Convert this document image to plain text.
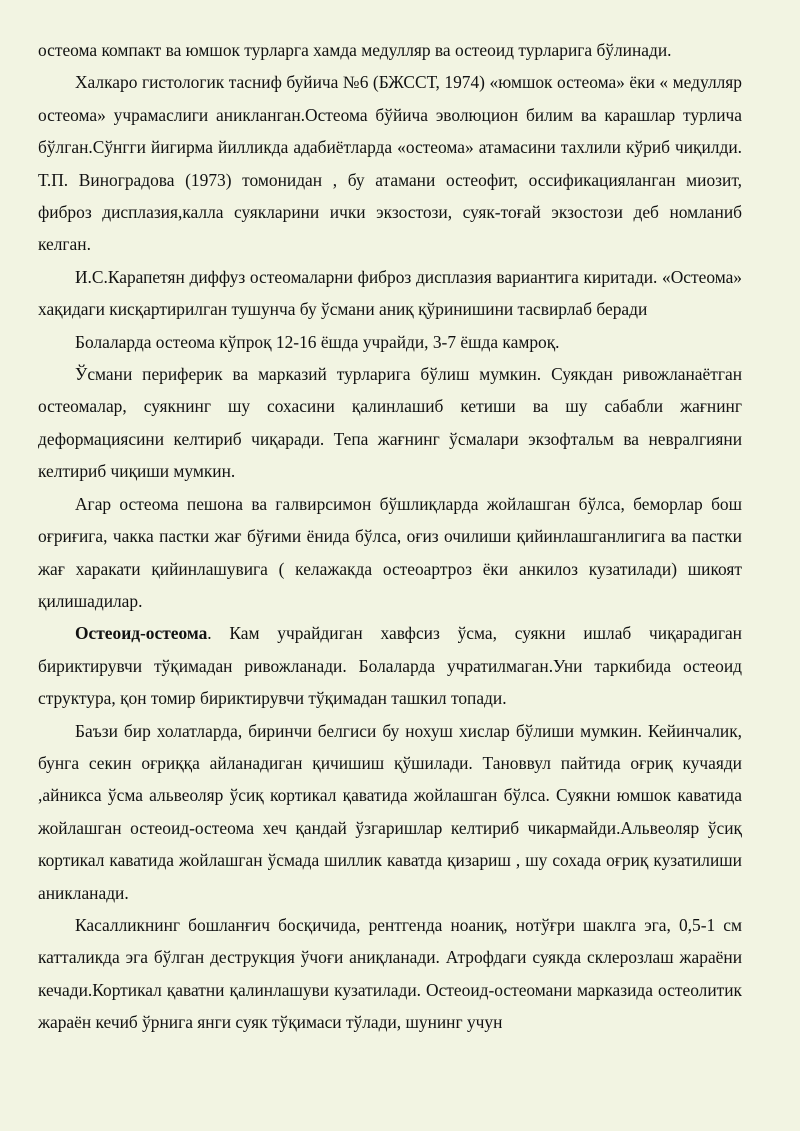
остеома компакт ва юмшок турларга хамда медулляр ва остеоид турларига бўлинади.

Халкаро гистологик тасниф буйича №6 (БЖССТ, 1974) «юмшок остеома» ёки « медулляр остеома» учрамаслиги аникланган.Остеома бўйича эволюцион билим ва карашлар турлича бўлган.Сўнгги йигирма йилликда адабиётларда «остеома» атамасини тахлили кўриб чиқилди. Т.П. Виноградова (1973) томонидан , бу атамани остеофит, оссификацияланган миозит, фиброз дисплазия,калла суякларини ички экзостози, суяк-тоғай экзостози деб номланиб келган.

И.С.Карапетян диффуз остеомаларни фиброз дисплазия вариантига киритади. «Остеома» хақидаги кисқартирилган тушунча бу ўсмани аниқ қўринишини тасвирлаб беради

Болаларда остеома кўпроқ 12-16 ёшда учрайди, 3-7 ёшда камроқ.

Ўсмани периферик ва марказий турларига бўлиш мумкин. Суякдан ривожланаётган остеомалар, суякнинг шу сохасини қалинлашиб кетиши ва шу сабабли жағнинг деформациясини келтириб чиқаради. Тепа жағнинг ўсмалари экзофтальм ва невралгияни келтириб чиқиши мумкин.

Агар остеома пешона ва галвирсимон бўшлиқларда жойлашган бўлса, беморлар бош оғриғига, чакка пастки жағ бўғими ёнида бўлса, оғиз очилиши қийинлашганлигига ва пастки жағ харакати қийинлашувига ( келажакда остеоартроз ёки анкилоз кузатилади) шикоят қилишадилар.

Остеоид-остеома. Кам учрайдиган хавфсиз ўсма, суякни ишлаб чиқарадиган бириктирувчи тўқимадан ривожланади. Болаларда учратилмаган.Уни таркибида остеоид структура, қон томир бириктирувчи тўқимадан ташкил топади.

Баъзи бир холатларда, биринчи белгиси бу нохуш хислар бўлиши мумкин. Кейинчалик, бунга секин оғриққа айланадиган қичишиш қўшилади. Тановвул пайтида оғриқ кучаяди ,айникса ўсма альвеоляр ўсиқ кортикал қаватида жойлашган бўлса. Суякни юмшок каватида жойлашган остеоид-остеома хеч қандай ўзгаришлар келтириб чикармайди.Альвеоляр ўсиқ кортикал каватида жойлашган ўсмада шиллик каватда қизариш , шу сохада оғриқ кузатилиши аникланади.

Касалликнинг бошланғич босқичида, рентгенда ноаниқ, нотўғри шаклга эга, 0,5-1 см катталикда эга бўлган деструкция ўчоғи аниқланади. Атрофдаги суякда склерозлаш жараёни кечади.Кортикал қаватни қалинлашуви кузатилади. Остеоид-остеомани марказида остеолитик жараён кечиб ўрнига янги суяк тўқимаси тўлади, шунинг учун
